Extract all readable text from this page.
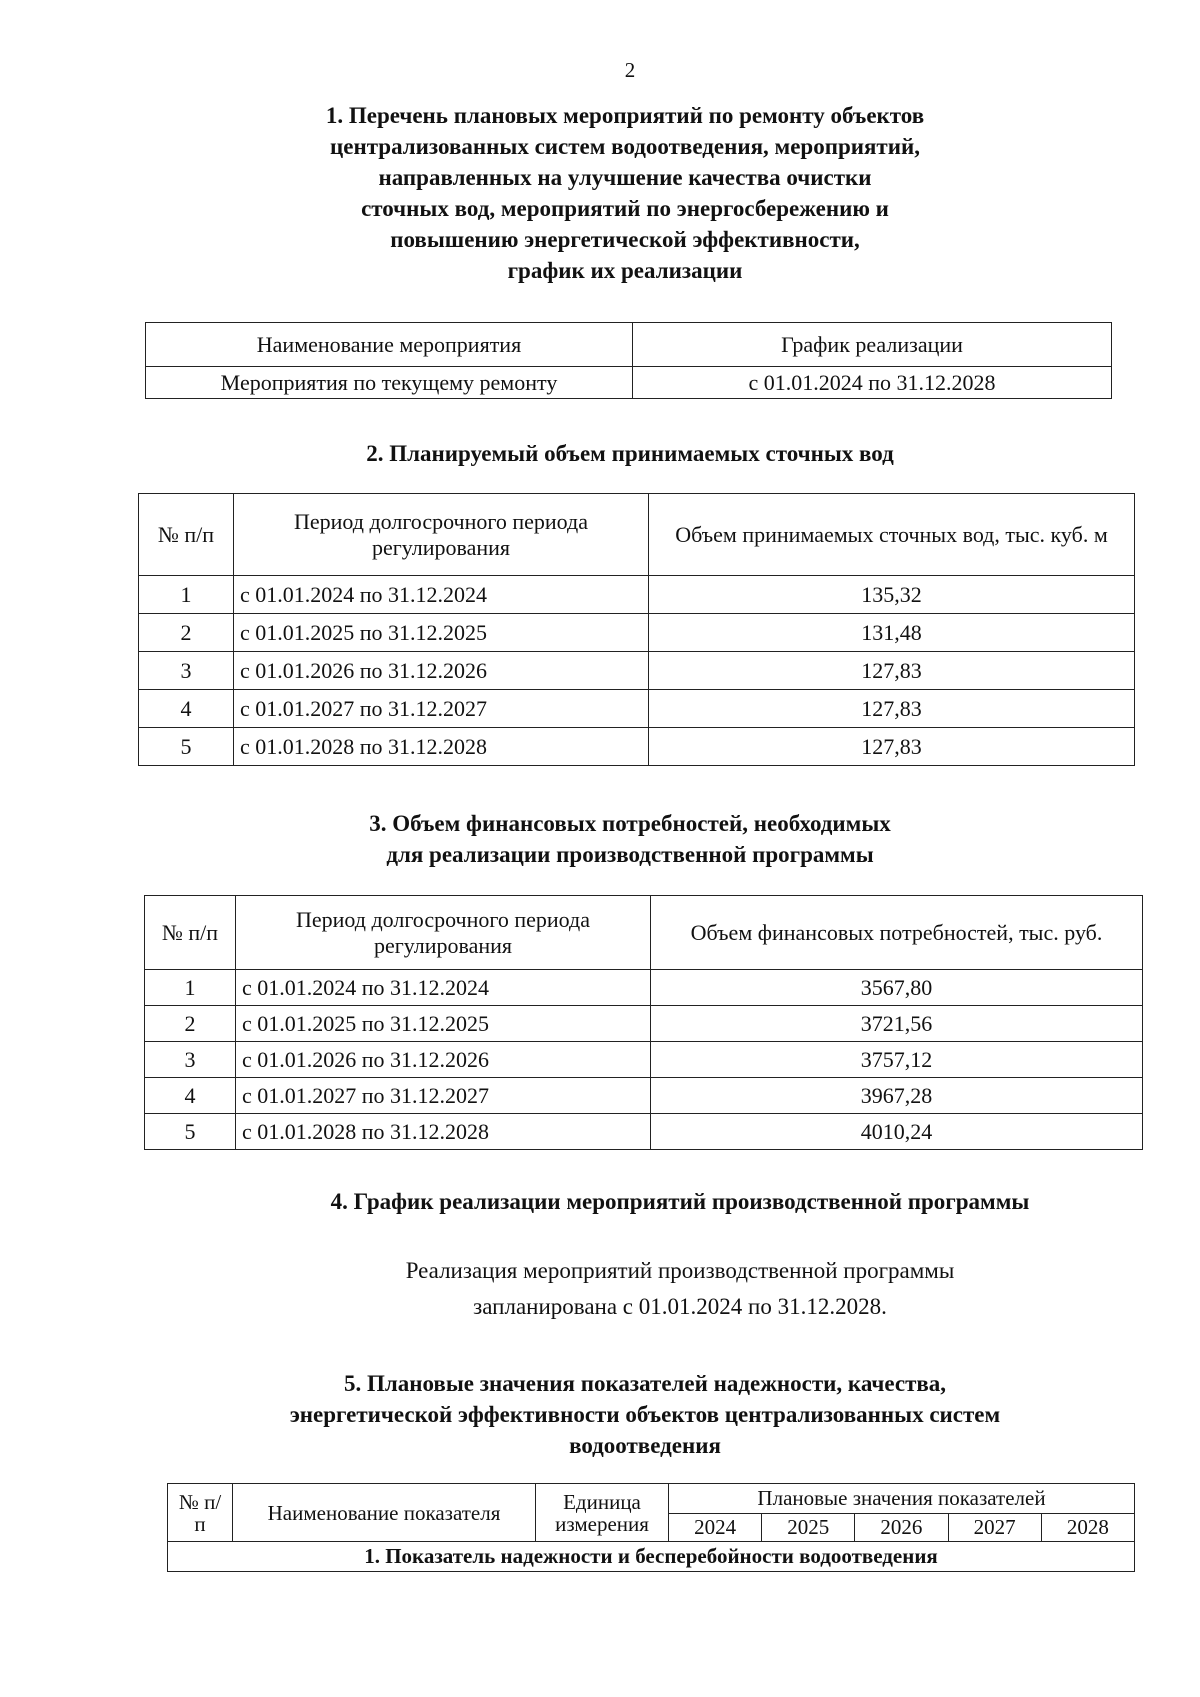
2
1. Перечень плановых мероприятий по ремонту объектов
централизованных систем водоотведения, мероприятий,
направленных на улучшение качества очистки
сточных вод, мероприятий по энергосбережению и
повышению энергетической эффективности,
график их реализации
Наименование мероприятия	График реализации
Мероприятия по текущему ремонту	с 01.01.2024 по 31.12.2028
2. Планируемый объем принимаемых сточных вод
№ п/п	Период долгосрочного периода регулирования	Объем принимаемых сточных вод, тыс. куб. м
1	с 01.01.2024 по 31.12.2024	135,32
2	с 01.01.2025 по 31.12.2025	131,48
3	с 01.01.2026 по 31.12.2026	127,83
4	с 01.01.2027 по 31.12.2027	127,83
5	с 01.01.2028 по 31.12.2028	127,83
3. Объем финансовых потребностей, необходимых
для реализации производственной программы
№ п/п	Период долгосрочного периода регулирования	Объем финансовых потребностей, тыс. руб.
1	с 01.01.2024 по 31.12.2024	3567,80
2	с 01.01.2025 по 31.12.2025	3721,56
3	с 01.01.2026 по 31.12.2026	3757,12
4	с 01.01.2027 по 31.12.2027	3967,28
5	с 01.01.2028 по 31.12.2028	4010,24
4. График реализации мероприятий производственной программы
Реализация мероприятий производственной программы
запланирована с 01.01.2024 по 31.12.2028.
5. Плановые значения показателей надежности, качества,
энергетической эффективности объектов централизованных систем
водоотведения
№ п/п	Наименование показателя	Единица измерения	Плановые значения показателей				
			2024	2025	2026	2027	2028
1. Показатель надежности и бесперебойности водоотведения							
